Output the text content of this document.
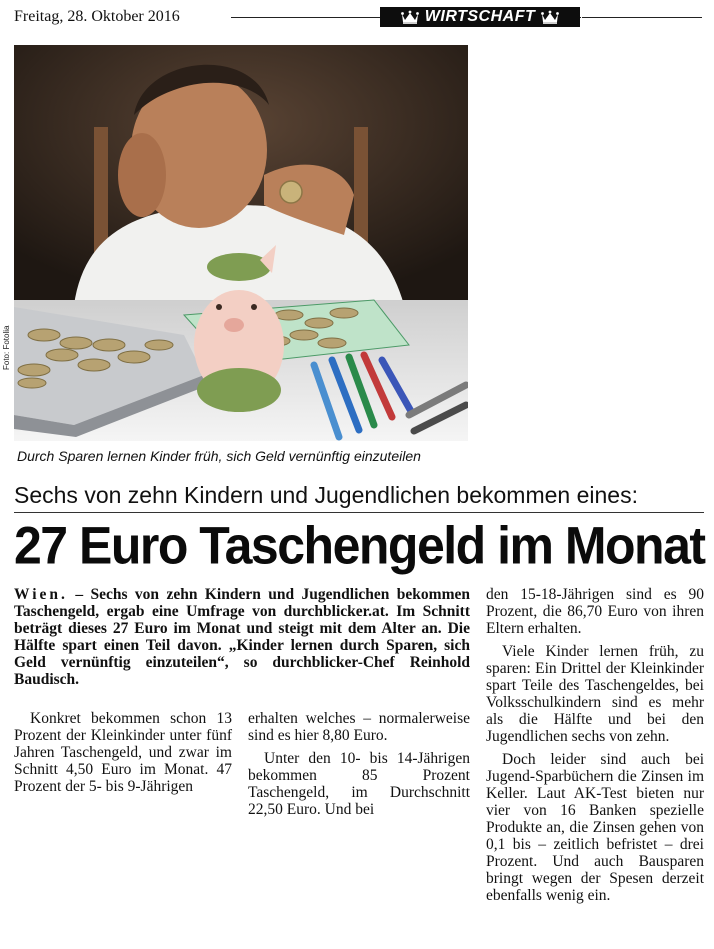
Freitag, 28. Oktober 2016	WIRTSCHAFT
Foto: Fotolia
Durch Sparen lernen Kinder früh, sich Geld vernünftig einzuteilen
Sechs von zehn Kindern und Jugendlichen bekommen eines:
27 Euro Taschengeld im Monat
Wien. – Sechs von zehn Kindern und Jugendlichen bekommen Taschengeld, ergab eine Umfrage von durchblicker.at. Im Schnitt beträgt dieses 27 Euro im Monat und steigt mit dem Alter an. Die Hälfte spart einen Teil davon. „Kinder lernen durch Sparen, sich Geld vernünftig einzuteilen“, so durchblicker-Chef Reinhold Baudisch.

Konkret bekommen schon 13 Prozent der Kleinkinder unter fünf Jahren Taschengeld, und zwar im Schnitt 4,50 Euro im Monat. 47 Prozent der 5- bis 9-Jährigen

erhalten welches – normalerweise sind es hier 8,80 Euro.

Unter den 10- bis 14-Jährigen bekommen 85 Prozent Taschengeld, im Durchschnitt 22,50 Euro. Und bei

den 15-18-Jährigen sind es 90 Prozent, die 86,70 Euro von ihren Eltern erhalten.

Viele Kinder lernen früh, zu sparen: Ein Drittel der Kleinkinder spart Teile des Taschengeldes, bei Volksschulkindern sind es mehr als die Hälfte und bei den Jugendlichen sechs von zehn.

Doch leider sind auch bei Jugend-Sparbüchern die Zinsen im Keller. Laut AK-Test bieten nur vier von 16 Banken spezielle Produkte an, die Zinsen gehen von 0,1 bis – zeitlich befristet – drei Prozent. Und auch Bausparen bringt wegen der Spesen derzeit ebenfalls wenig ein.
